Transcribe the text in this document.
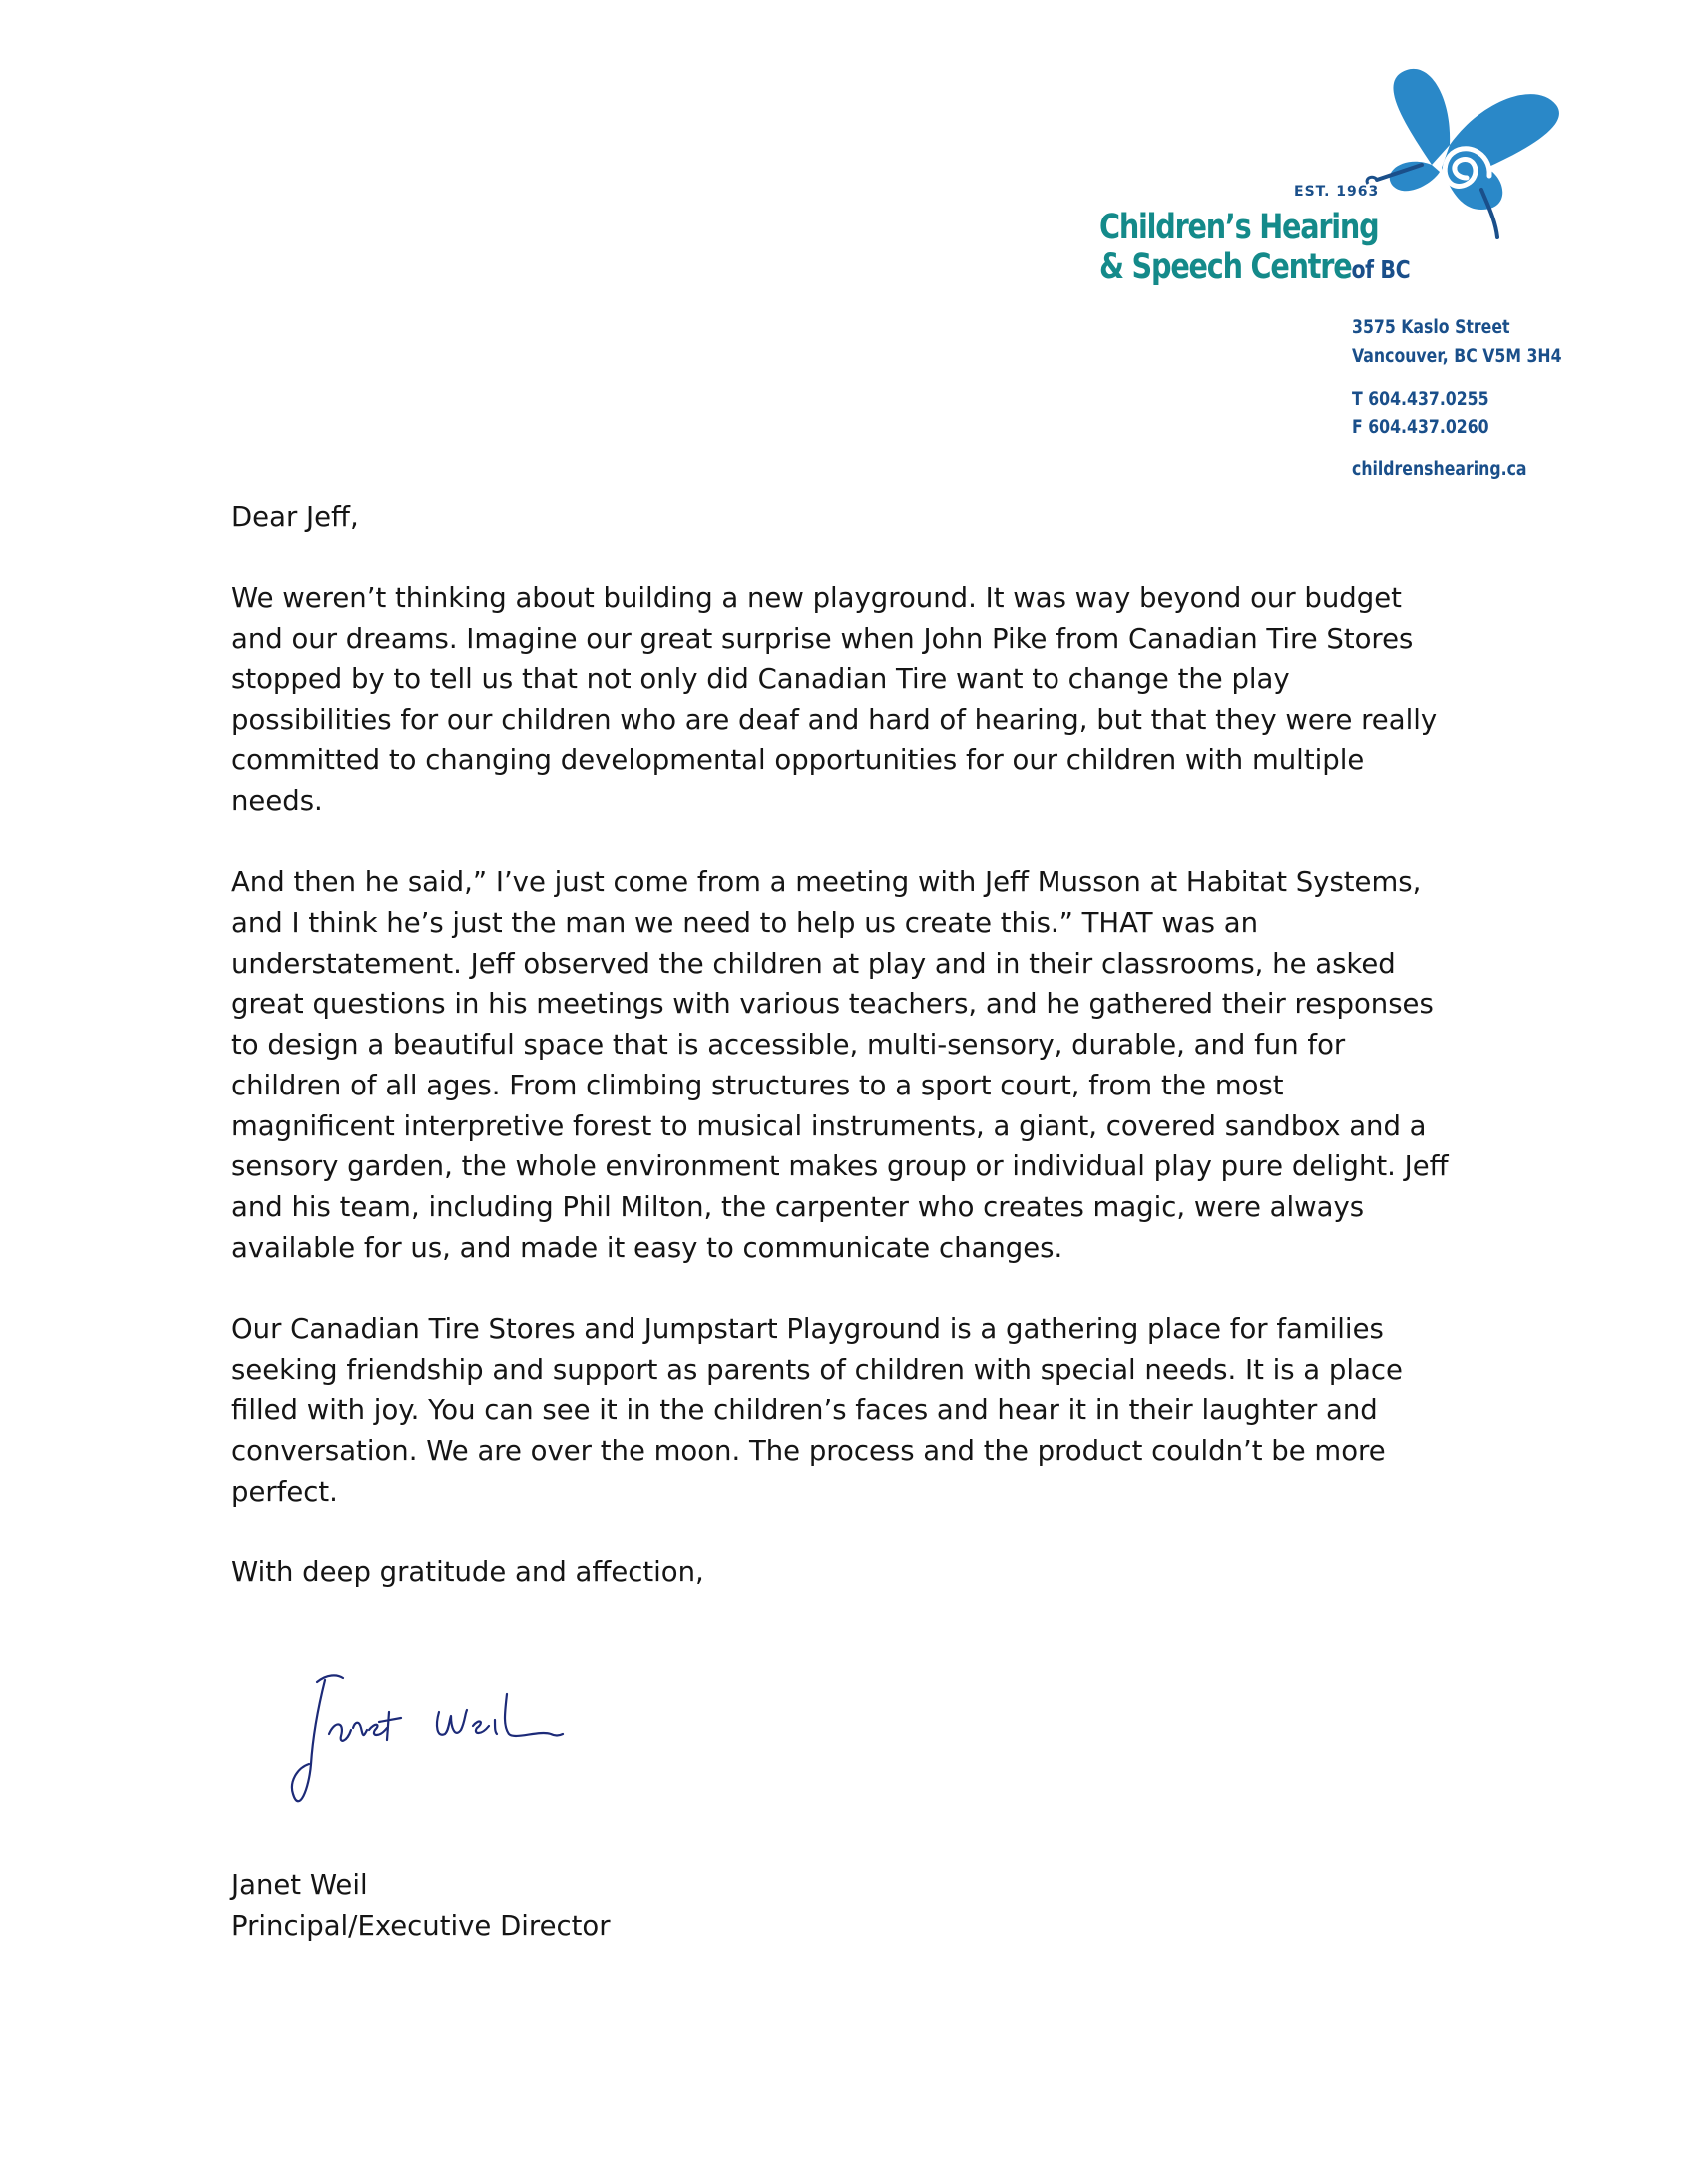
EST. 1963
Children’s Hearing
& Speech Centreof BC
3575 Kaslo Street
Vancouver, BC V5M 3H4
T 604.437.0255
F 604.437.0260
childrenshearing.ca

Dear Jeff,

We weren’t thinking about building a new playground. It was way beyond our budget
and our dreams. Imagine our great surprise when John Pike from Canadian Tire Stores
stopped by to tell us that not only did Canadian Tire want to change the play
possibilities for our children who are deaf and hard of hearing, but that they were really
committed to changing developmental opportunities for our children with multiple
needs.

And then he said,” I’ve just come from a meeting with Jeff Musson at Habitat Systems,
and I think he’s just the man we need to help us create this.” THAT was an
understatement. Jeff observed the children at play and in their classrooms, he asked
great questions in his meetings with various teachers, and he gathered their responses
to design a beautiful space that is accessible, multi-sensory, durable, and fun for
children of all ages. From climbing structures to a sport court, from the most
magnificent interpretive forest to musical instruments, a giant, covered sandbox and a
sensory garden, the whole environment makes group or individual play pure delight. Jeff
and his team, including Phil Milton, the carpenter who creates magic, were always
available for us, and made it easy to communicate changes.

Our Canadian Tire Stores and Jumpstart Playground is a gathering place for families
seeking friendship and support as parents of children with special needs. It is a place
filled with joy. You can see it in the children’s faces and hear it in their laughter and
conversation. We are over the moon. The process and the product couldn’t be more
perfect.

With deep gratitude and affection,

Janet Weil
Principal/Executive Director
